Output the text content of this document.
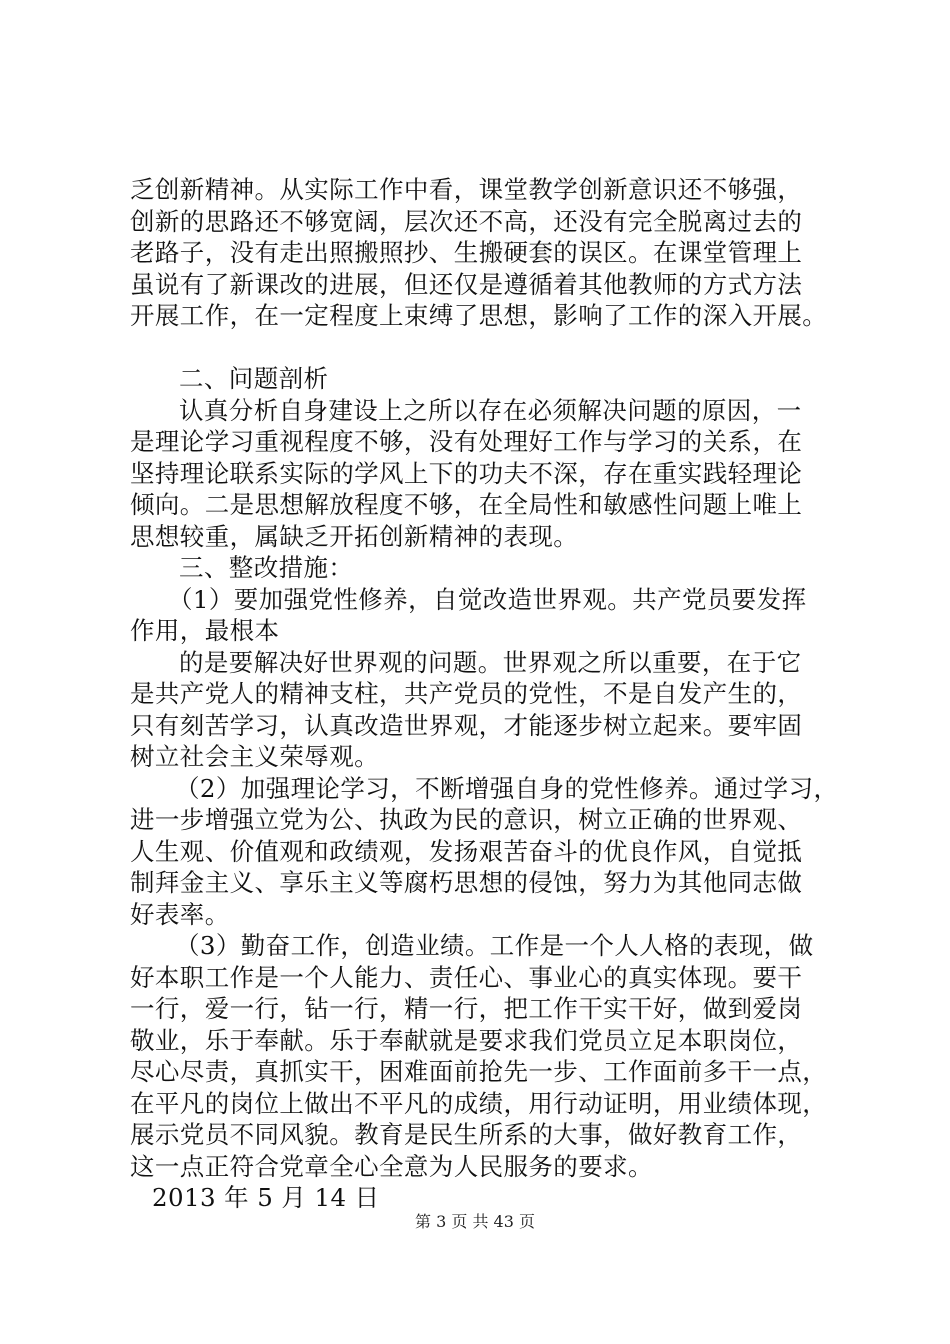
乏创新精神。从实际工作中看，课堂教学创新意识还不够强，
创新的思路还不够宽阔，层次还不高，还没有完全脱离过去的
老路子，没有走出照搬照抄、生搬硬套的误区。在课堂管理上
虽说有了新课改的进展，但还仅是遵循着其他教师的方式方法
开展工作，在一定程度上束缚了思想，影响了工作的深入开展。
二、问题剖析
认真分析自身建设上之所以存在必须解决问题的原因，一
是理论学习重视程度不够，没有处理好工作与学习的关系，在
坚持理论联系实际的学风上下的功夫不深，存在重实践轻理论
倾向。二是思想解放程度不够，在全局性和敏感性问题上唯上
思想较重，属缺乏开拓创新精神的表现。
三、整改措施：
（1）要加强党性修养，自觉改造世界观。共产党员要发挥
作用，最根本
的是要解决好世界观的问题。世界观之所以重要，在于它
是共产党人的精神支柱，共产党员的党性，不是自发产生的，
只有刻苦学习，认真改造世界观，才能逐步树立起来。要牢固
树立社会主义荣辱观。
（2）加强理论学习，不断增强自身的党性修养。通过学习，
进一步增强立党为公、执政为民的意识，树立正确的世界观、
人生观、价值观和政绩观，发扬艰苦奋斗的优良作风，自觉抵
制拜金主义、享乐主义等腐朽思想的侵蚀，努力为其他同志做
好表率。
（3）勤奋工作，创造业绩。工作是一个人人格的表现，做
好本职工作是一个人能力、责任心、事业心的真实体现。要干
一行，爱一行，钻一行，精一行，把工作干实干好，做到爱岗
敬业，乐于奉献。乐于奉献就是要求我们党员立足本职岗位，
尽心尽责，真抓实干，困难面前抢先一步、工作面前多干一点，
在平凡的岗位上做出不平凡的成绩，用行动证明，用业绩体现，
展示党员不同风貌。教育是民生所系的大事，做好教育工作，
这一点正符合党章全心全意为人民服务的要求。
2013 年 5 月 14 日
第 3 页 共 43 页
